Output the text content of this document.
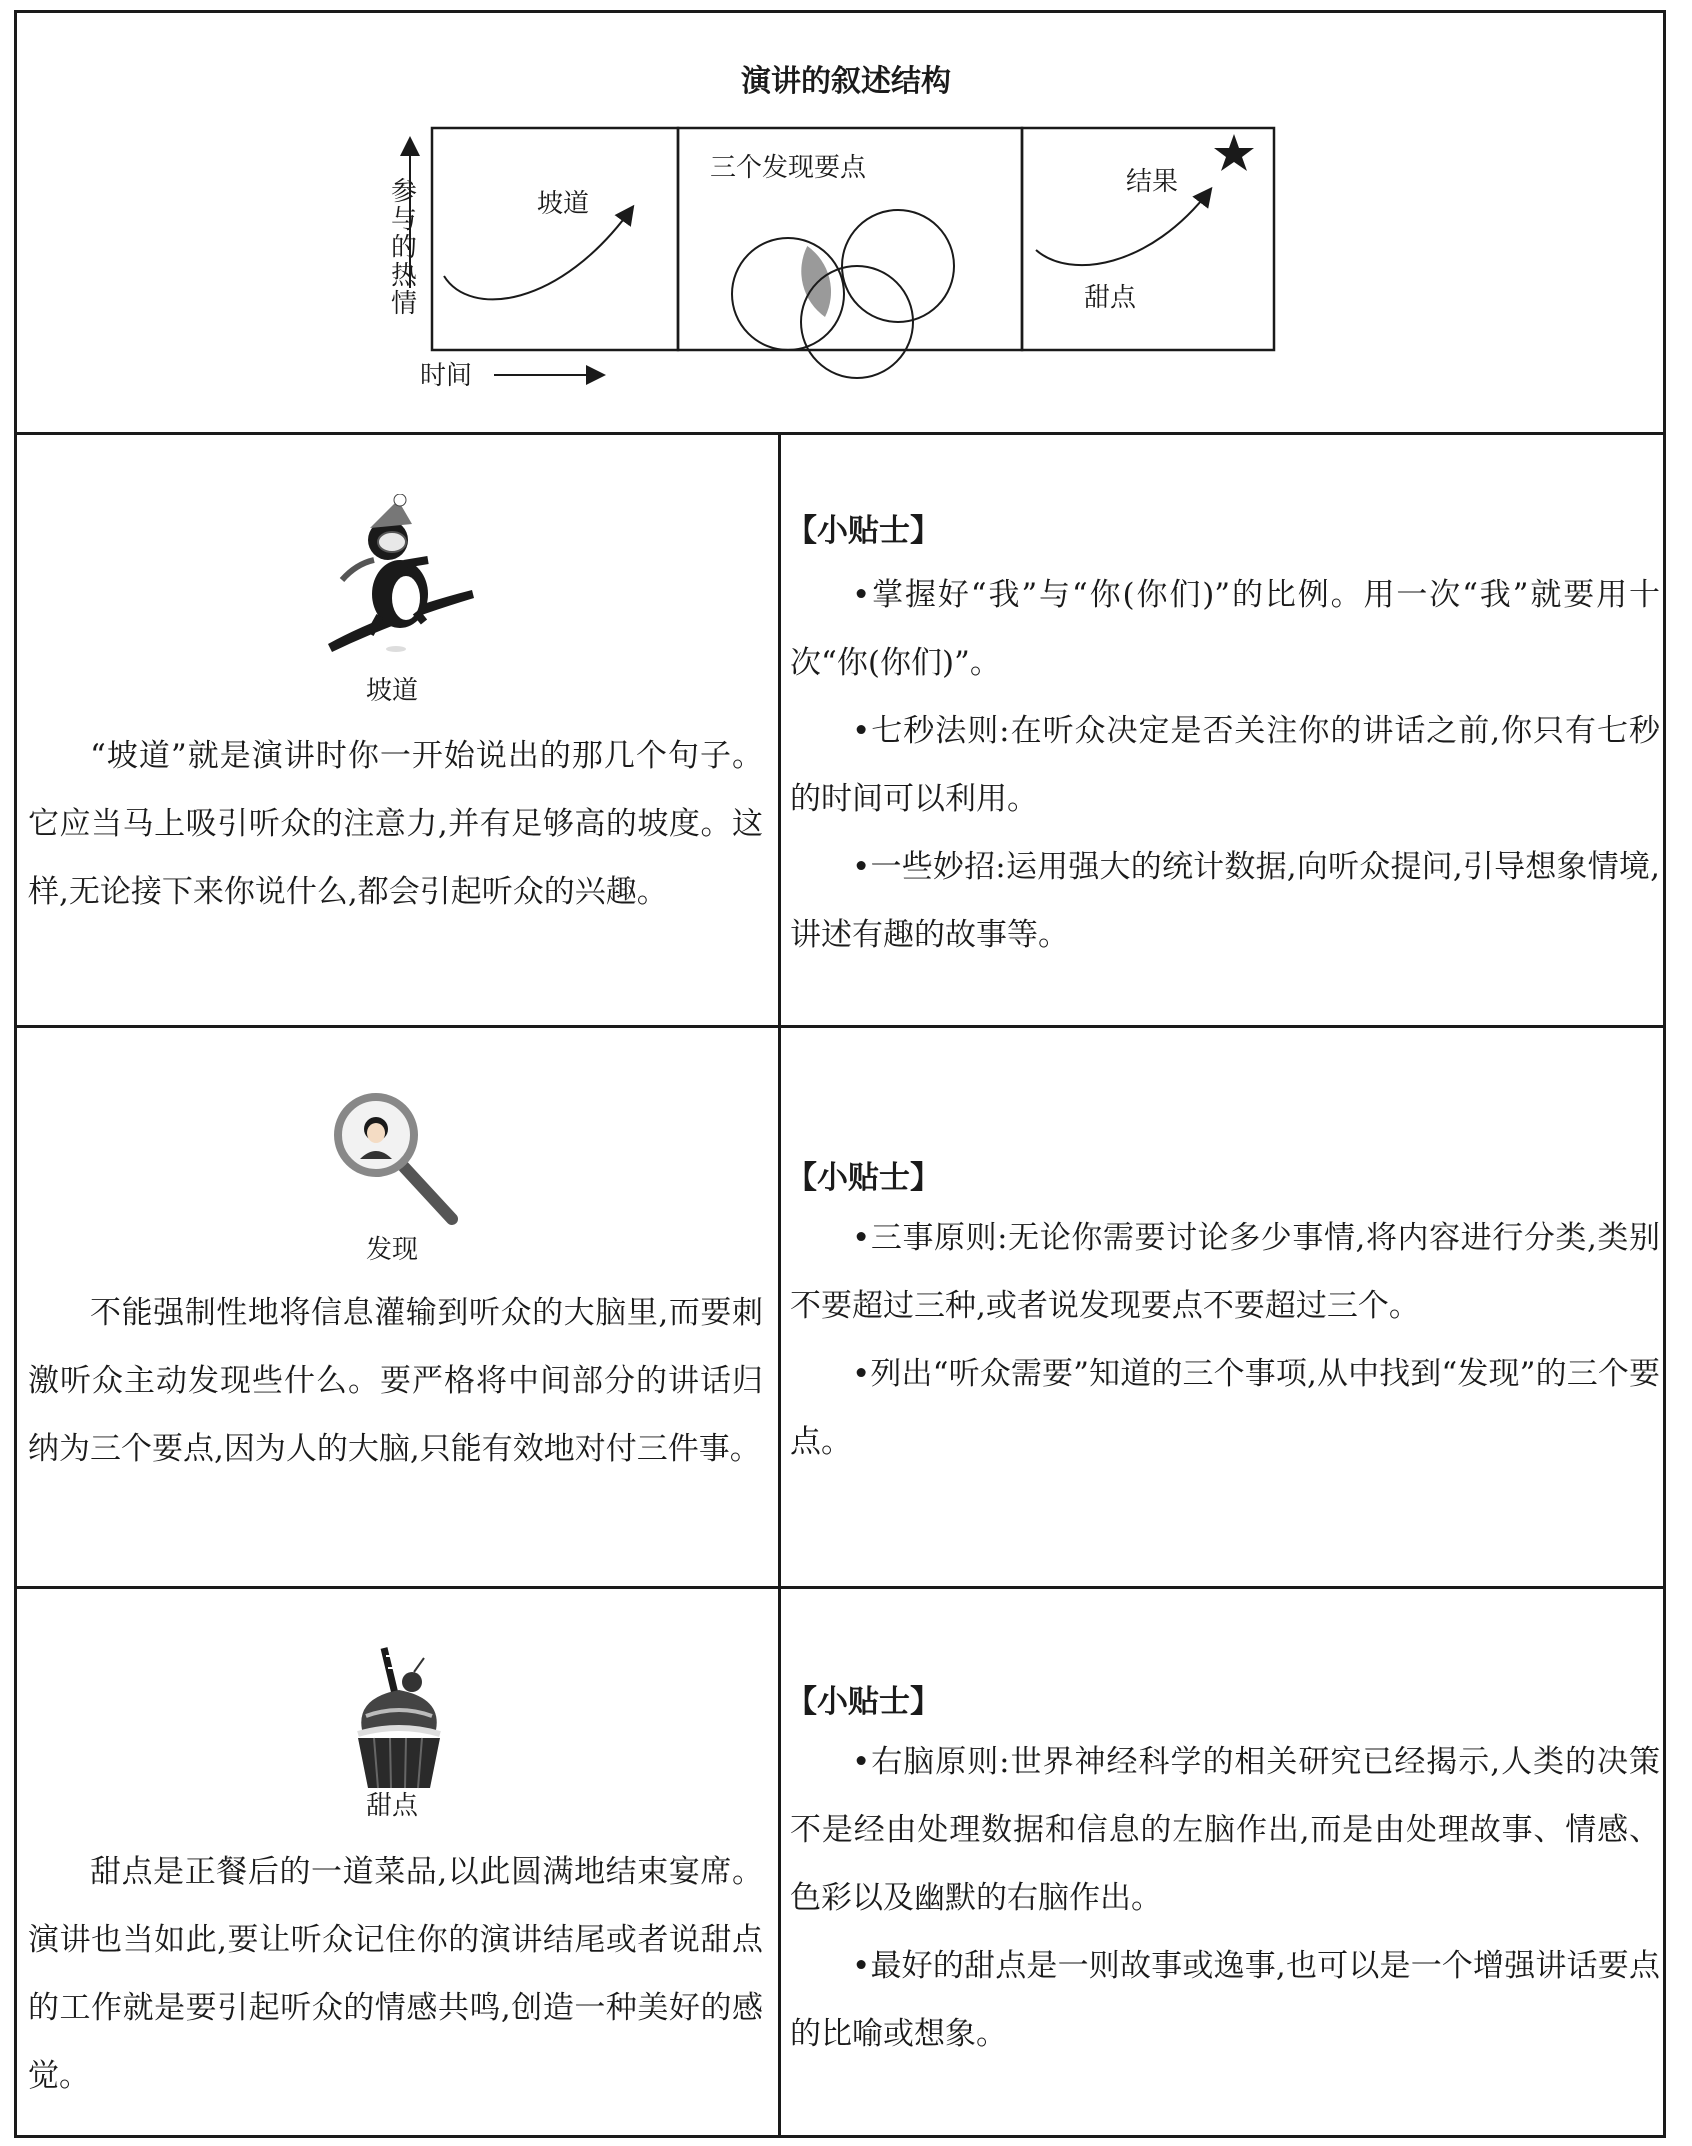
演讲的叙述结构
参与的热情
时间
坡道
三个发现要点	结果
甜点
坡道

“坡道”就是演讲时你一开始说出的那几个句子。它应当马上吸引听众的注意力,并有足够高的坡度。这样,无论接下来你说什么,都会引起听众的兴趣。

【小贴士】

•掌握好“我”与“你(你们)”的比例。用一次“我”就要用十次“你(你们)”。

•七秒法则:在听众决定是否关注你的讲话之前,你只有七秒的时间可以利用。

•一些妙招:运用强大的统计数据,向听众提问,引导想象情境,讲述有趣的故事等。

发现

不能强制性地将信息灌输到听众的大脑里,而要刺激听众主动发现些什么。要严格将中间部分的讲话归纳为三个要点,因为人的大脑,只能有效地对付三件事。

【小贴士】

•三事原则:无论你需要讨论多少事情,将内容进行分类,类别不要超过三种,或者说发现要点不要超过三个。

•列出“听众需要”知道的三个事项,从中找到“发现”的三个要点。

甜点

甜点是正餐后的一道菜品,以此圆满地结束宴席。演讲也当如此,要让听众记住你的演讲结尾或者说甜点的工作就是要引起听众的情感共鸣,创造一种美好的感觉。

【小贴士】

•右脑原则:世界神经科学的相关研究已经揭示,人类的决策不是经由处理数据和信息的左脑作出,而是由处理故事、情感、色彩以及幽默的右脑作出。

•最好的甜点是一则故事或逸事,也可以是一个增强讲话要点的比喻或想象。
